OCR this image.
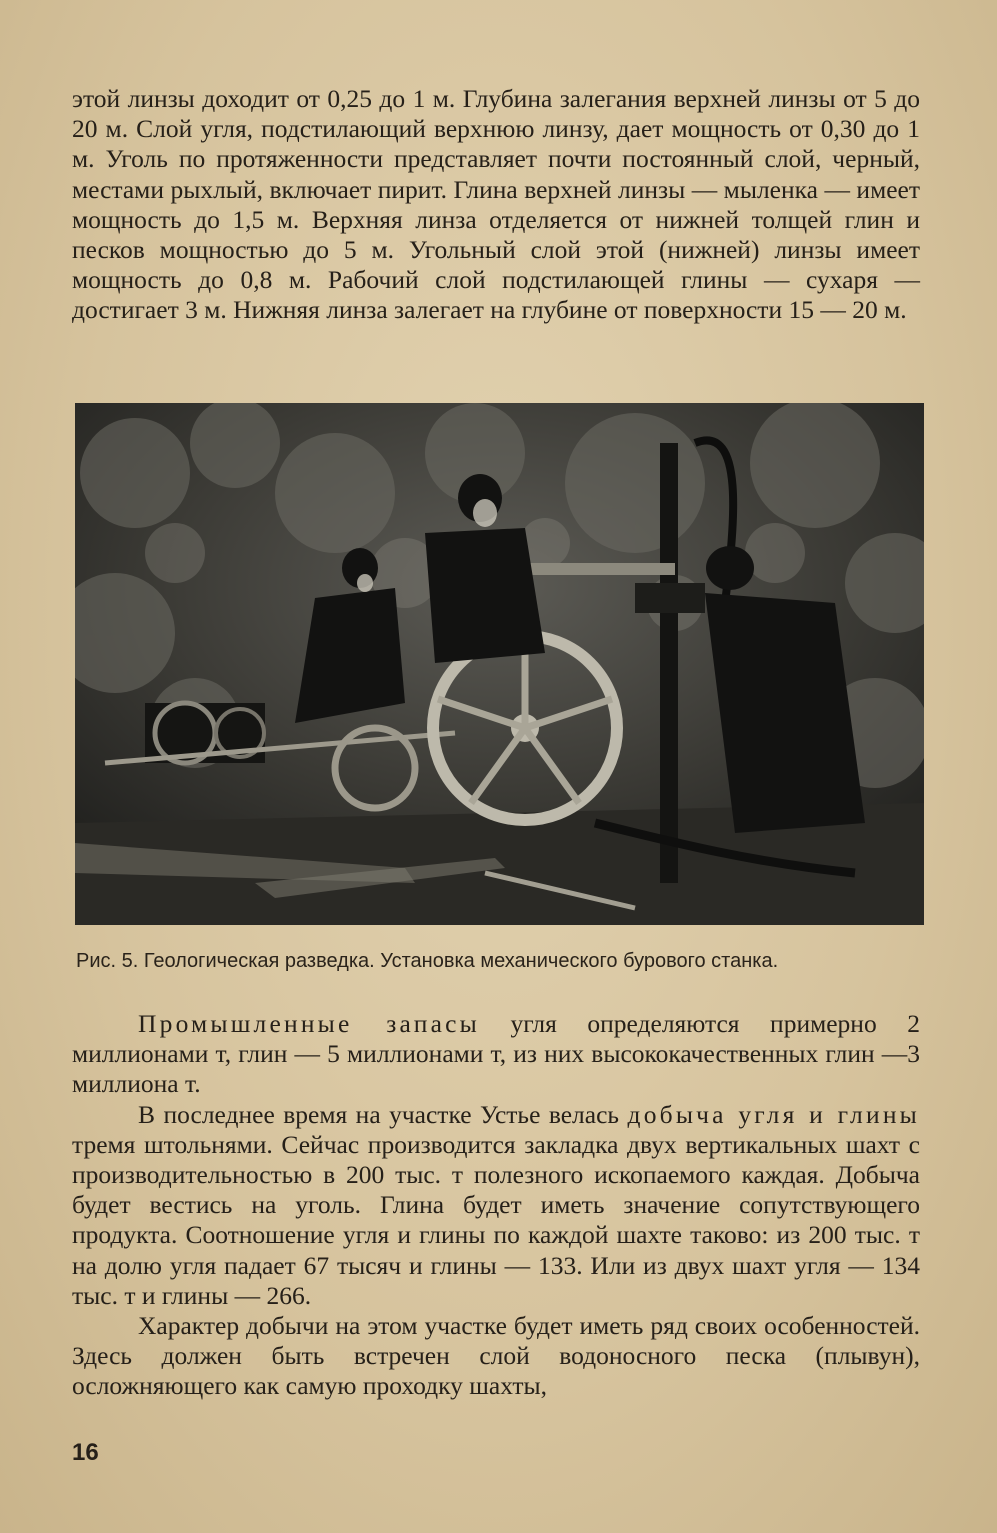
этой линзы доходит от 0,25 до 1 м. Глубина залегания верхней линзы от 5 до 20 м. Слой угля, подстилающий верхнюю линзу, дает мощность от 0,30 до 1 м. Уголь по протяженности представляет почти постоянный слой, черный, местами рыхлый, включает пирит. Глина верхней линзы — мыленка — имеет мощность до 1,5 м. Верхняя линза отделяется от нижней толщей глин и песков мощностью до 5 м. Угольный слой этой (нижней) линзы имеет мощность до 0,8 м. Рабочий слой подстилающей глины — сухаря — достигает 3 м. Нижняя линза залегает на глубине от поверхности 15 — 20 м.

Рис. 5. Геологическая разведка. Установка механического бурового станка.

Промышленные запасы угля определяются примерно 2 миллионами т, глин — 5 миллионами т, из них высококачественных глин —3 миллиона т.

В последнее время на участке Устье велась добыча угля и глины тремя штольнями. Сейчас производится закладка двух вертикальных шахт с производительностью в 200 тыс. т полезного ископаемого каждая. Добыча будет вестись на уголь. Глина будет иметь значение сопутствующего продукта. Соотношение угля и глины по каждой шахте таково: из 200 тыс. т на долю угля падает 67 тысяч и глины — 133. Или из двух шахт угля — 134 тыс. т и глины — 266.

Характер добычи на этом участке будет иметь ряд своих особенностей. Здесь должен быть встречен слой водоносного песка (плывун), осложняющего как самую проходку шахты,

16
